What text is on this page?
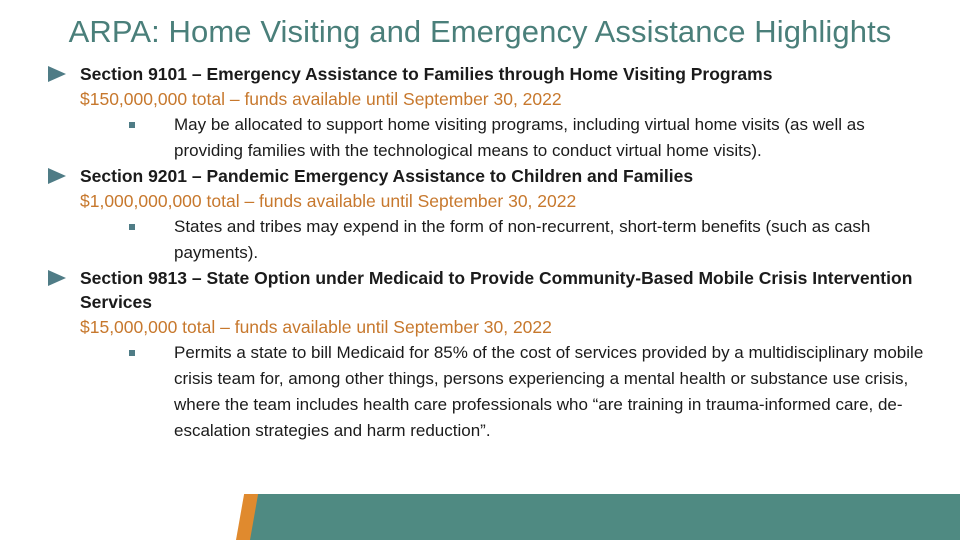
ARPA: Home Visiting and Emergency Assistance Highlights
Section 9101 – Emergency Assistance to Families through Home Visiting Programs
$150,000,000 total – funds available until September 30, 2022
May be allocated to support home visiting programs, including virtual home visits (as well as providing families with the technological means to conduct virtual home visits).
Section 9201 – Pandemic Emergency Assistance to Children and Families
$1,000,000,000 total – funds available until September 30, 2022
States and tribes may expend in the form of non-recurrent, short-term benefits (such as cash payments).
Section 9813 – State Option under Medicaid to Provide Community-Based Mobile Crisis Intervention Services
$15,000,000 total – funds available until September 30, 2022
Permits a state to bill Medicaid for 85% of the cost of services provided by a multidisciplinary mobile crisis team for, among other things, persons experiencing a mental health or substance use crisis, where the team includes health care professionals who “are training in trauma-informed care, de-escalation strategies and harm reduction”.
